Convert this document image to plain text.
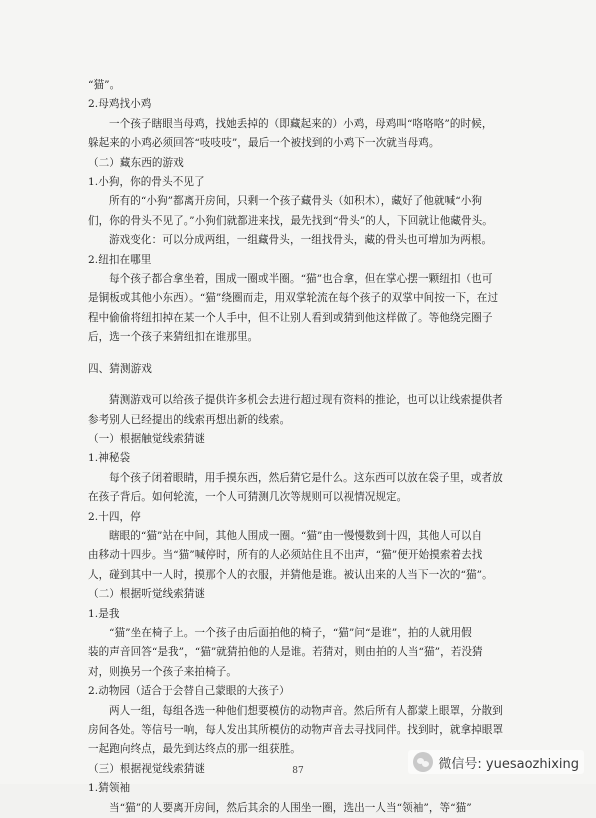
“猫”。
2.母鸡找小鸡
一个孩子瞎眼当母鸡，找她丢掉的（即藏起来的）小鸡，母鸡叫“咯咯咯”的时候，
躲起来的小鸡必须回答“吱吱吱”，最后一个被找到的小鸡下一次就当母鸡。
（二）藏东西的游戏
1.小狗，你的骨头不见了
所有的“小狗”都离开房间，只剩一个孩子藏骨头（如积木），藏好了他就喊“小狗
们，你的骨头不见了。”小狗们就都进来找，最先找到“骨头”的人，下回就让他藏骨头。
游戏变化：可以分成两组，一组藏骨头，一组找骨头，藏的骨头也可增加为两根。
2.纽扣在哪里
每个孩子都合拿坐着，围成一圈或半圈。“猫”也合拿，但在掌心摆一颗纽扣（也可
是铜板或其他小东西）。“猫”绕圈而走，用双掌轮流在每个孩子的双掌中间按一下，在过
程中偷偷将纽扣掉在某一个人手中，但不让别人看到或猜到他这样做了。等他绕完圈子
后，选一个孩子来猜纽扣在谁那里。
四、猜测游戏
猜测游戏可以给孩子提供许多机会去进行超过现有资料的推论，也可以让线索提供者
参考别人已经提出的线索再想出新的线索。
（一）根据触觉线索猜谜
1.神秘袋
每个孩子闭着眼睛，用手摸东西，然后猜它是什么。这东西可以放在袋子里，或者放
在孩子背后。如何轮流，一个人可猜测几次等规则可以视情况规定。
2.十四，停
瞎眼的“猫”站在中间，其他人围成一圈。“猫”由一慢慢数到十四，其他人可以自
由移动十四步。当“猫”喊停时，所有的人必须站住且不出声，“猫”便开始摸索着去找
人，碰到其中一人时，摸那个人的衣服，并猜他是谁。被认出来的人当下一次的“猫”。
（二）根据听觉线索猜谜
1.是我
“猫”坐在椅子上。一个孩子由后面拍他的椅子，“猫”问“是谁”，拍的人就用假
装的声音回答“是我”，“猫”就猜拍他的人是谁。若猜对，则由拍的人当“猫”，若没猜
对，则换另一个孩子来拍椅子。
2.动物园（适合于会替自己蒙眼的大孩子）
两人一组，每组各选一种他们想要模仿的动物声音。然后所有人都蒙上眼罩，分散到
房间各处。等信号一响，每人发出其所模仿的动物声音去寻找同伴。找到时，就拿掉眼罩
一起跑向终点，最先到达终点的那一组获胜。
（三）根据视觉线索猜谜
1.猜领袖
当“猫”的人要离开房间，然后其余的人围坐一圈，选出一人当“领袖”，等“猫”
87	微信号: yuesaozhixing
